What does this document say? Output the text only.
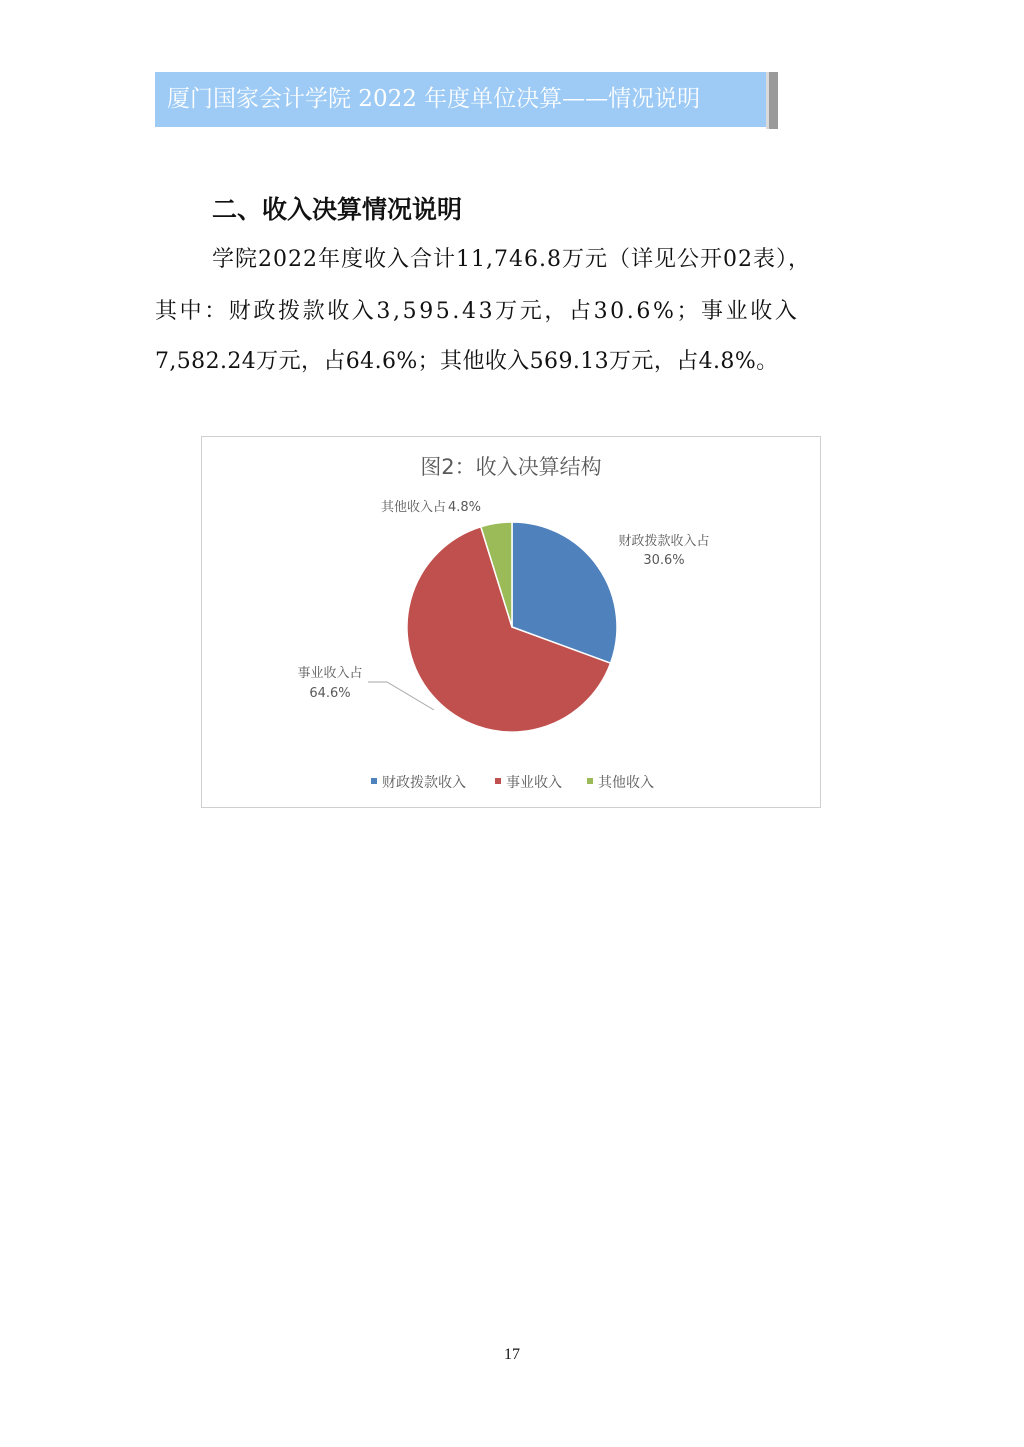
厦门国家会计学院 2022 年度单位决算——情况说明
二、收入决算情况说明
学院2022年度收入合计11,746.8万元（详见公开02表），
其中：财政拨款收入3,595.43万元，占30.6%；事业收入
7,582.24万元，占64.6%；其他收入569.13万元，占4.8%。
图2：收入决算结构
财政拨款收入占
30.6%
事业收入占
64.6%
其他收入占 4.8%
财政拨款收入	事业收入	其他收入
17
